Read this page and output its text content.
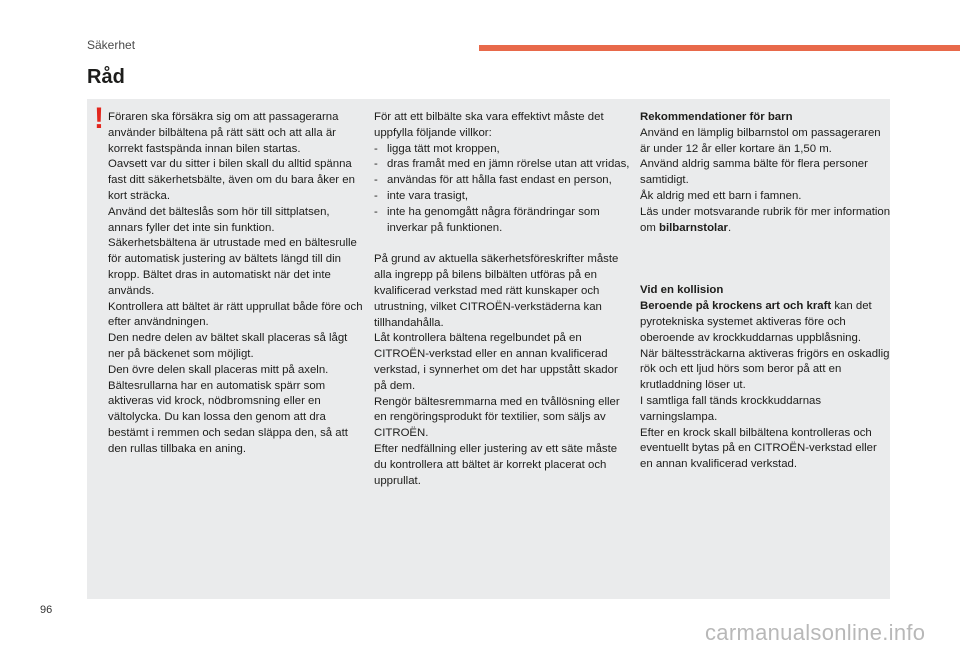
Säkerhet
Råd
! Föraren ska försäkra sig om att passagerarna använder bilbältena på rätt sätt och att alla är korrekt fastspända innan bilen startas.

Oavsett var du sitter i bilen skall du alltid spänna fast ditt säkerhetsbälte, även om du bara åker en kort sträcka.

Använd det bälteslås som hör till sittplatsen, annars fyller det inte sin funktion.

Säkerhetsbältena är utrustade med en bältesrulle för automatisk justering av bältets längd till din kropp. Bältet dras in automatiskt när det inte används.

Kontrollera att bältet är rätt upprullat både före och efter användningen.

Den nedre delen av bältet skall placeras så lågt ner på bäckenet som möjligt.

Den övre delen skall placeras mitt på axeln.

Bältesrullarna har en automatisk spärr som aktiveras vid krock, nödbromsning eller en vältolycka. Du kan lossa den genom att dra bestämt i remmen och sedan släppa den, så att den rullas tillbaka en aning.

För att ett bilbälte ska vara effektivt måste det uppfylla följande villkor:

- ligga tätt mot kroppen,
- dras framåt med en jämn rörelse utan att vridas,
- användas för att hålla fast endast en person,
- inte vara trasigt,
- inte ha genomgått några förändringar som inverkar på funktionen.

På grund av aktuella säkerhetsföreskrifter måste alla ingrepp på bilens bilbälten utföras på en kvalificerad verkstad med rätt kunskaper och utrustning, vilket CITROËN-verkstäderna kan tillhandahålla.

Låt kontrollera bältena regelbundet på en CITROËN-verkstad eller en annan kvalificerad verkstad, i synnerhet om det har uppstått skador på dem.

Rengör bältesremmarna med en tvållösning eller en rengöringsprodukt för textilier, som säljs av CITROËN.

Efter nedfällning eller justering av ett säte måste du kontrollera att bältet är korrekt placerat och upprullat.

Rekommendationer för barn

Använd en lämplig bilbarnstol om passageraren är under 12 år eller kortare än 1,50 m.

Använd aldrig samma bälte för flera personer samtidigt.

Åk aldrig med ett barn i famnen.

Läs under motsvarande rubrik för mer information om bilbarnstolar.

Vid en kollision

Beroende på krockens art och kraft kan det pyrotekniska systemet aktiveras före och oberoende av krockkuddarnas uppblåsning.

När bältessträckarna aktiveras frigörs en oskadlig rök och ett ljud hörs som beror på att en krutladdning löser ut.

I samtliga fall tänds krockkuddarnas varningslampa.

Efter en krock skall bilbältena kontrolleras och eventuellt bytas på en CITROËN-verkstad eller en annan kvalificerad verkstad.

96
carmanualsonline.info
